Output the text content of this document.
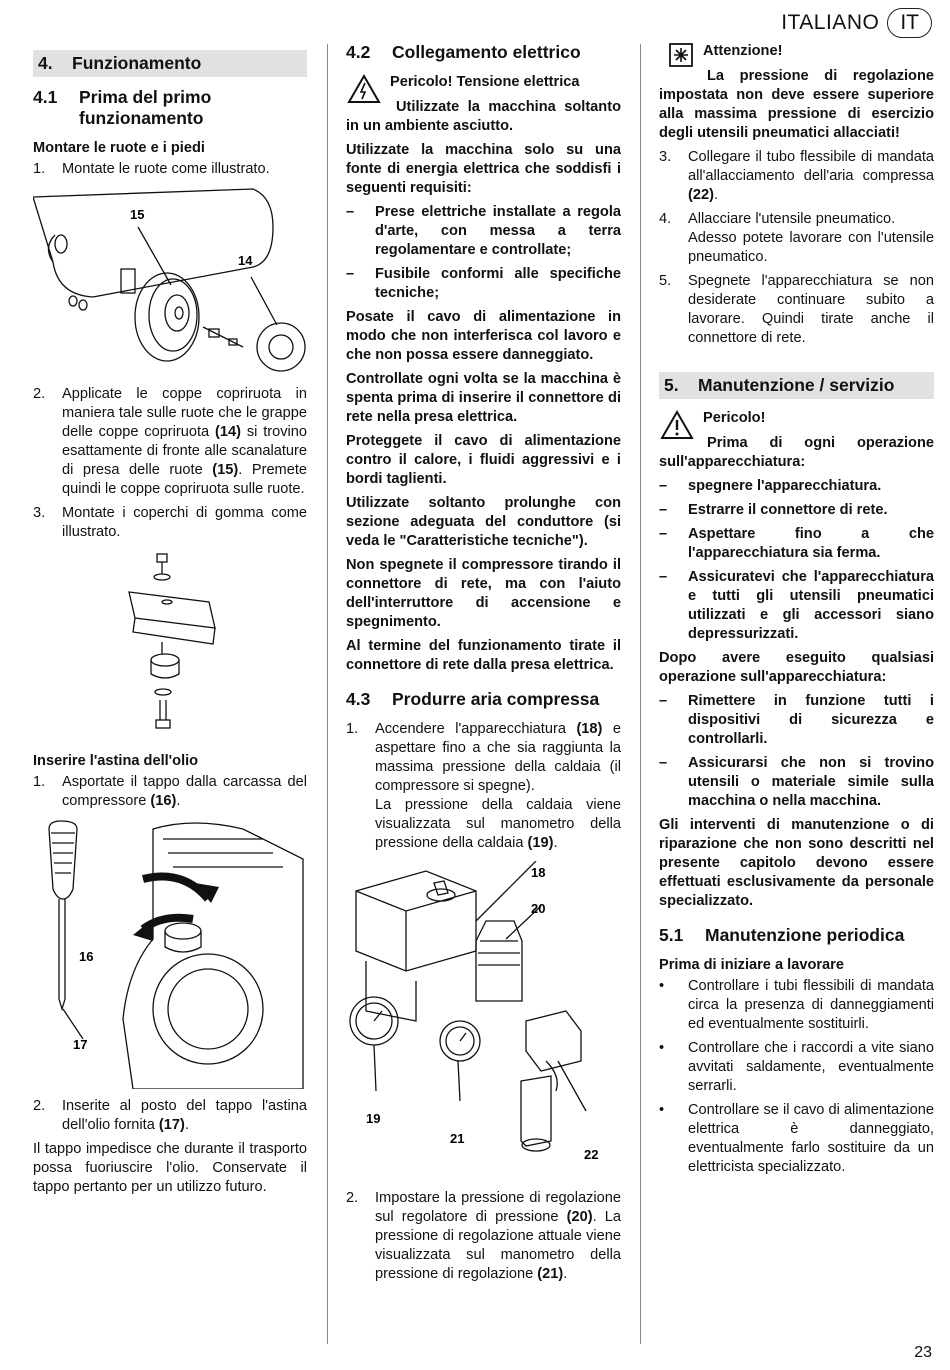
ITALIANO	IT
4. Funzionamento
4.1	Prima del primo funzionamento
Montare le ruote e i piedi
1.	Montate le ruote come illustrato.
15
14
2.	Applicate le coppe copriruota in maniera tale sulle ruote che le grappe delle coppe copriruota (14) si trovino esattamente di fronte alle scanalature di presa delle ruote (15). Premete quindi le coppe copriruota sulle ruote.
3.	Montate i coperchi di gomma come illustrato.
Inserire l'astina dell'olio
1.	Asportate il tappo dalla carcassa del compressore (16).
16
17
2.	Inserite al posto del tappo l'astina dell'olio fornita (17).

Il tappo impedisce che durante il trasporto possa fuoriuscire l'olio. Conservate il tappo pertanto per un utilizzo futuro.

4.2	Collegamento elettrico
Pericolo! Tensione elettrica

Utilizzate la macchina soltanto in un ambiente asciutto.

Utilizzate la macchina solo su una fonte di energia elettrica che soddisfi i seguenti requisiti:

–	Prese elettriche installate a regola d'arte, con messa a terra regolamentare e controllate;
–	Fusibile conformi alle specifiche tecniche;

Posate il cavo di alimentazione in modo che non interferisca col lavoro e che non possa essere danneggiato.

Controllate ogni volta se la macchina è spenta prima di inserire il connettore di rete nella presa elettrica.

Proteggete il cavo di alimentazione contro il calore, i fluidi aggressivi e i bordi taglienti.

Utilizzate soltanto prolunghe con sezione adeguata del conduttore (si veda le "Caratteristiche tecniche").

Non spegnete il compressore tirando il connettore di rete, ma con l'aiuto dell'interruttore di accensione e spegnimento.

Al termine del funzionamento tirate il connettore di rete dalla presa elettrica.

4.3	Produrre aria compressa
1.	Accendere l'apparecchiatura (18) e aspettare fino a che sia raggiunta la massima pressione della caldaia (il compressore si spegne).
La pressione della caldaia viene visualizzata sul manometro della pressione della caldaia (19).
18
20
19
21
22
2.	Impostare la pressione di regolazione sul regolatore di pressione (20). La pressione di regolazione attuale viene visualizzata sul manometro della pressione di regolazione (21).
Attenzione!

La pressione di regolazione impostata non deve essere superiore alla massima pressione di esercizio degli utensili pneumatici allacciati!

3.	Collegare il tubo flessibile di mandata all'allacciamento dell'aria compressa (22).
4.	Allacciare l'utensile pneumatico.
Adesso potete lavorare con l'utensile pneumatico.
5.	Spegnete l'apparecchiatura se non desiderate continuare subito a lavorare. Quindi tirate anche il connettore di rete.
5. Manutenzione / servizio
Pericolo!

Prima di ogni operazione sull'apparecchiatura:

–	spegnere l'apparecchiatura.
–	Estrarre il connettore di rete.
–	Aspettare fino a che l'apparecchiatura sia ferma.
–	Assicuratevi che l'apparecchiatura e tutti gli utensili pneumatici utilizzati e gli accessori siano depressurizzati.

Dopo avere eseguito qualsiasi operazione sull'apparecchiatura:

–	Rimettere in funzione tutti i dispositivi di sicurezza e controllarli.
–	Assicurarsi che non si trovino utensili o materiale simile sulla macchina o nella macchina.

Gli interventi di manutenzione o di riparazione che non sono descritti nel presente capitolo devono essere effettuati esclusivamente da personale specializzato.

5.1	Manutenzione periodica
Prima di iniziare a lavorare
•	Controllare i tubi flessibili di mandata circa la presenza di danneggiamenti ed eventualmente sostituirli.
•	Controllare che i raccordi a vite siano avvitati saldamente, eventualmente serrarli.
•	Controllare se il cavo di alimentazione elettrica è danneggiato, eventualmente farlo sostituire da un elettricista specializzato.
23
